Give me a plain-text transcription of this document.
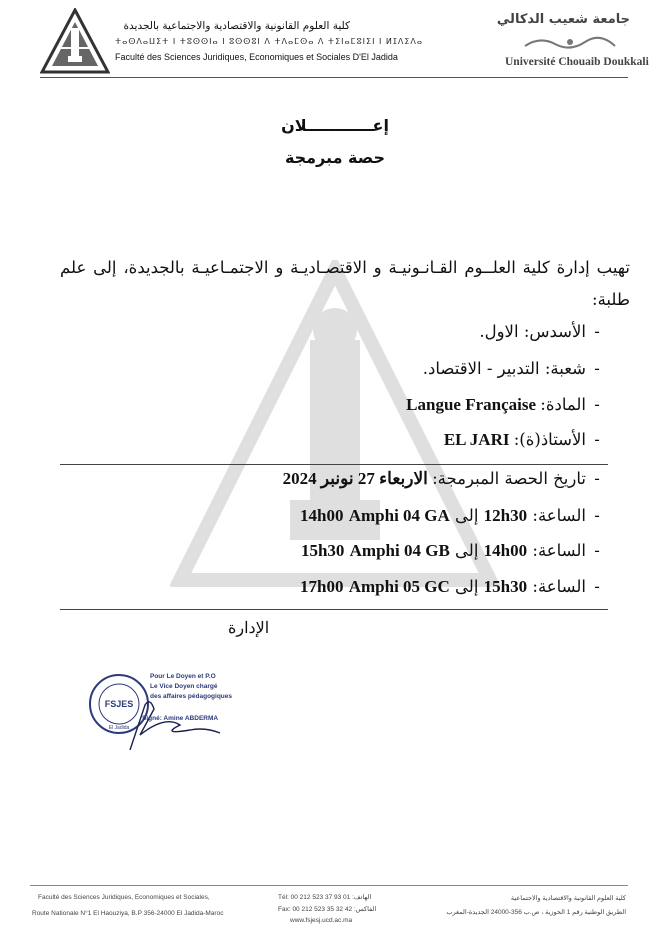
كلية العلوم القانونية والاقتصادية والاجتماعية بالجديدة
ⵜⴰⵙⴷⴰⵡⵉⵜ ⵏ ⵜⵓⵙⵙⵏⴰ ⵏ ⵓⵙⵙⵓⵏ ⴷ ⵜⴷⴰⵎⵙⴰ ⴷ ⵜⵉⵏⴰⵎⵓⵏⵉⵏ ⵏ ⵍⵊⴷⵉⴷⴰ
Faculté des Sciences Juridiques, Economiques et Sociales D'El Jadida
جامعة شعيب الدكالي
Université Chouaib Doukkali
إعــــــــــــلان
حصة مبرمجة
تهيب إدارة كلية العلــوم القـانـونيـة و الاقتصـاديـة و الاجتمـاعيـة بالجديدة، إلى علم طلبة:
-الأسدس: الاول.
-شعبة: التدبير - الاقتصاد.
-المادة: Langue Française
-الأستاذ(ة): EL JARI
-تاريخ الحصة المبرمجة: الاربعاء 27 نونبر 2024
-الساعة: 12h30 إلى 14h00 Amphi 04 GA
-الساعة: 14h00 إلى 15h30 Amphi 04 GB
-الساعة: 15h30 إلى 17h00 Amphi 05 GC
الإدارة
FSJES
El Jadida
Pour Le Doyen et P.O
Le Vice Doyen chargé
des affaires pédagogiques
Signé: Amine ABDERMA
Faculté des Sciences Juridiques, Economiques et Sociales,
Route Nationale N°1 El Haouziya, B.P 356-24000 El Jadida-Maroc
Tél: 00 212 523 37 93 01 :الهاتف
Fax: 00 212 523 35 32 42 :الفاكس
www.fsjesj.ucd.ac.ma
كلية العلوم القانونية والاقتصادية والاجتماعية
الطريق الوطنية رقم 1 الحوزية ، ص.ب 356-24000 الجديدة-المغرب
